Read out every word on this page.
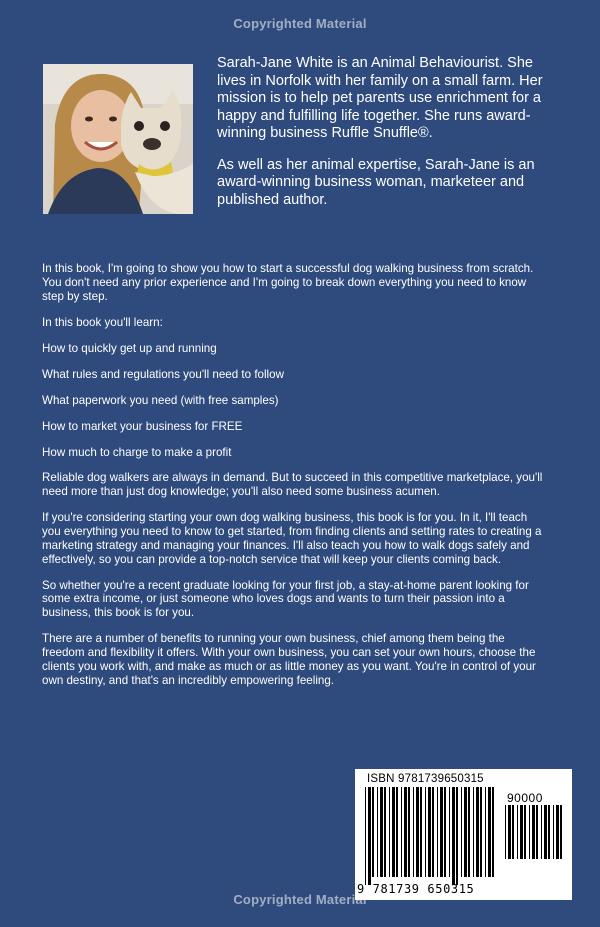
Copyrighted Material

Sarah-Jane White is an Animal Behaviourist. She lives in Norfolk with her family on a small farm. Her mission is to help pet parents use enrichment for a happy and fulfilling life together. She runs award-winning business Ruffle Snuffle®.

As well as her animal expertise, Sarah-Jane is an award-winning business woman, marketeer and published author.

In this book, I'm going to show you how to start a successful dog walking business from scratch. You don't need any prior experience and I'm going to break down everything you need to know step by step.

In this book you'll learn:

How to quickly get up and running
What rules and regulations you'll need to follow
What paperwork you need (with free samples)
How to market your business for FREE
How much to charge to make a profit

Reliable dog walkers are always in demand. But to succeed in this competitive marketplace, you'll need more than just dog knowledge; you'll also need some business acumen.

If you're considering starting your own dog walking business, this book is for you. In it, I'll teach you everything you need to know to get started, from finding clients and setting rates to creating a marketing strategy and managing your finances. I'll also teach you how to walk dogs safely and effectively, so you can provide a top-notch service that will keep your clients coming back.

So whether you're a recent graduate looking for your first job, a stay-at-home parent looking for some extra income, or just someone who loves dogs and wants to turn their passion into a business, this book is for you.

There are a number of benefits to running your own business, chief among them being the freedom and flexibility it offers. With your own business, you can set your own hours, choose the clients you work with, and make as much or as little money as you want. You're in control of your own destiny, and that's an incredibly empowering feeling.

ISBN 9781739650315
90000
9 781739 650315
Copyrighted Material
